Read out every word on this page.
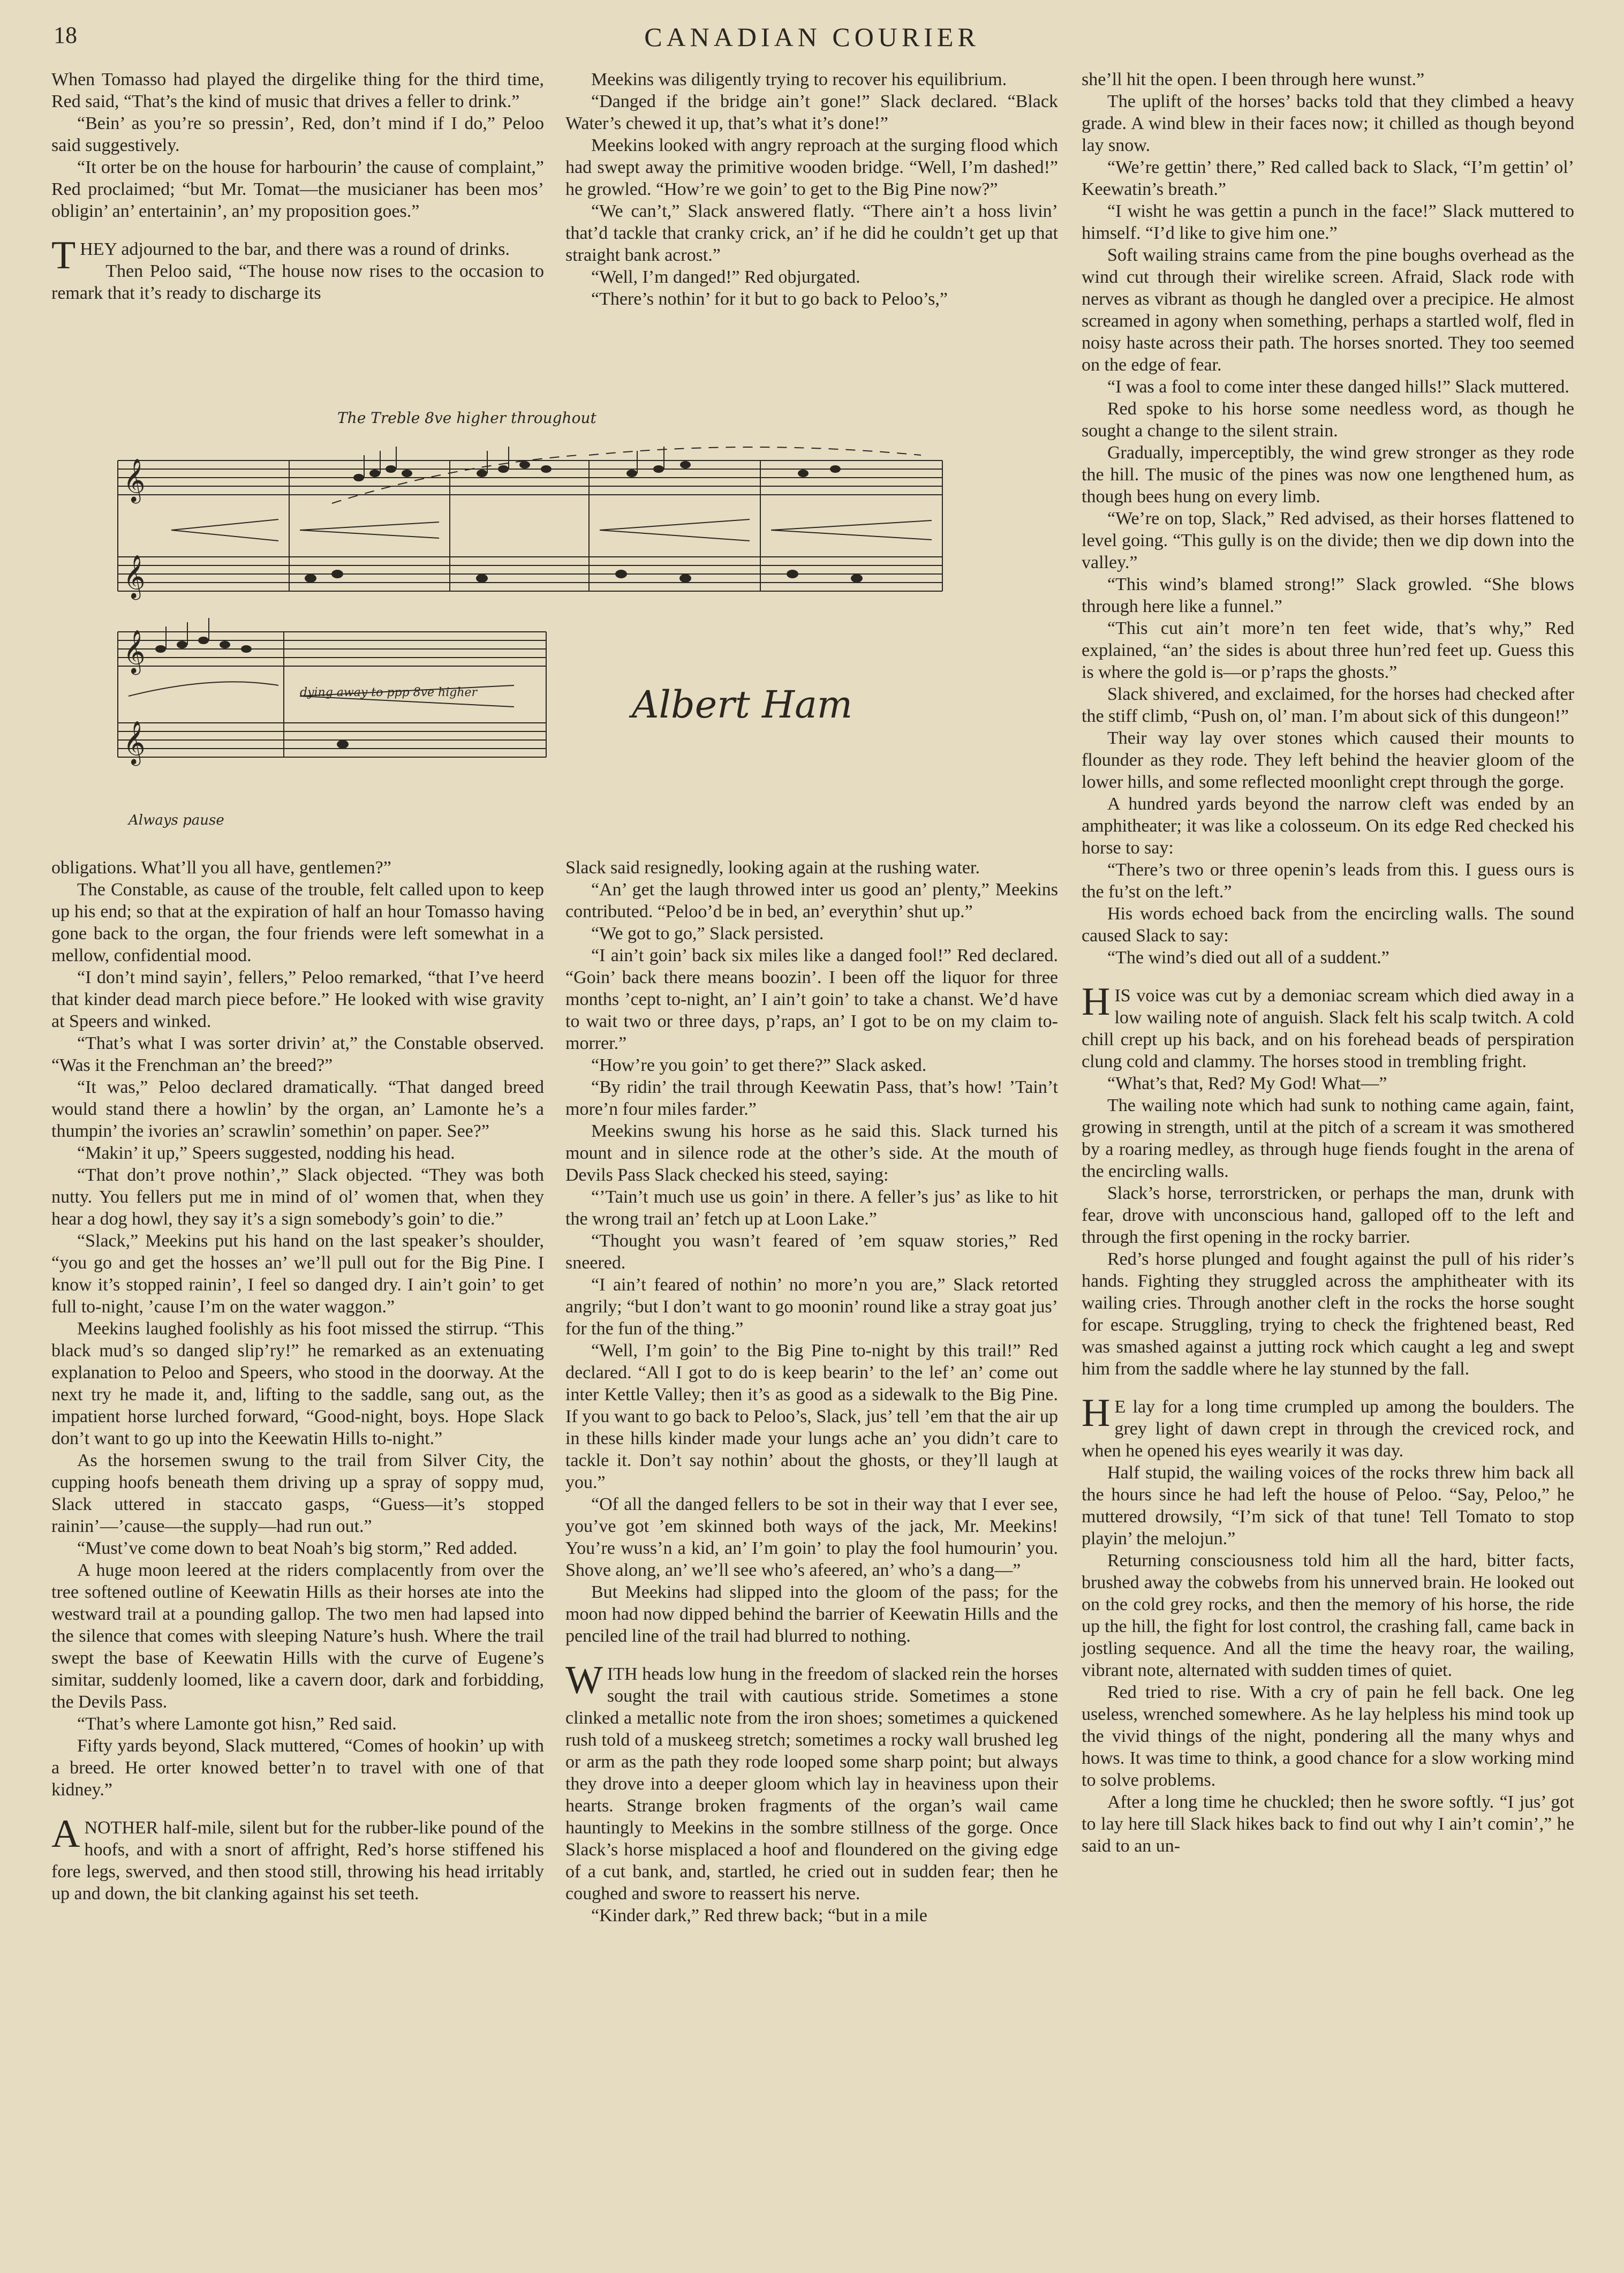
18	CANADIAN COURIER

When Tomasso had played the dirgelike thing for the third time, Red said, “That’s the kind of music that drives a feller to drink.”

“Bein’ as you’re so pressin’, Red, don’t mind if I do,” Peloo said suggestively.

“It orter be on the house for harbourin’ the cause of complaint,” Red proclaimed; “but Mr. Tomat—the musicianer has been mos’ obligin’ an’ entertainin’, an’ my proposition goes.”

THEY adjourned to the bar, and there was a round of drinks.

Then Peloo said, “The house now rises to the occasion to remark that it’s ready to discharge its

Meekins was diligently trying to recover his equilibrium.

“Danged if the bridge ain’t gone!” Slack declared. “Black Water’s chewed it up, that’s what it’s done!”

Meekins looked with angry reproach at the surging flood which had swept away the primitive wooden bridge. “Well, I’m dashed!” he growled. “How’re we goin’ to get to the Big Pine now?”

“We can’t,” Slack answered flatly. “There ain’t a hoss livin’ that’d tackle that cranky crick, an’ if he did he couldn’t get up that straight bank acrost.”

“Well, I’m danged!” Red objurgated.

“There’s nothin’ for it but to go back to Peloo’s,”

𝄞
𝄞
𝄞
𝄞
The Treble 8ve higher throughout
dying away to ppp 8ve higher
Always pause
Albert Ham

obligations. What’ll you all have, gentlemen?”

The Constable, as cause of the trouble, felt called upon to keep up his end; so that at the expiration of half an hour Tomasso having gone back to the organ, the four friends were left somewhat in a mellow, confidential mood.

“I don’t mind sayin’, fellers,” Peloo remarked, “that I’ve heerd that kinder dead march piece before.” He looked with wise gravity at Speers and winked.

“That’s what I was sorter drivin’ at,” the Constable observed. “Was it the Frenchman an’ the breed?”

“It was,” Peloo declared dramatically. “That danged breed would stand there a howlin’ by the organ, an’ Lamonte he’s a thumpin’ the ivories an’ scrawlin’ somethin’ on paper. See?”

“Makin’ it up,” Speers suggested, nodding his head.

“That don’t prove nothin’,” Slack objected. “They was both nutty. You fellers put me in mind of ol’ women that, when they hear a dog howl, they say it’s a sign somebody’s goin’ to die.”

“Slack,” Meekins put his hand on the last speaker’s shoulder, “you go and get the hosses an’ we’ll pull out for the Big Pine. I know it’s stopped rainin’, I feel so danged dry. I ain’t goin’ to get full to-night, ’cause I’m on the water waggon.”

Meekins laughed foolishly as his foot missed the stirrup. “This black mud’s so danged slip’ry!” he remarked as an extenuating explanation to Peloo and Speers, who stood in the doorway. At the next try he made it, and, lifting to the saddle, sang out, as the impatient horse lurched forward, “Good-night, boys. Hope Slack don’t want to go up into the Keewatin Hills to-night.”

As the horsemen swung to the trail from Silver City, the cupping hoofs beneath them driving up a spray of soppy mud, Slack uttered in staccato gasps, “Guess—it’s stopped rainin’—’cause—the supply—had run out.”

“Must’ve come down to beat Noah’s big storm,” Red added.

A huge moon leered at the riders complacently from over the tree softened outline of Keewatin Hills as their horses ate into the westward trail at a pounding gallop. The two men had lapsed into the silence that comes with sleeping Nature’s hush. Where the trail swept the base of Keewatin Hills with the curve of Eugene’s simitar, suddenly loomed, like a cavern door, dark and forbidding, the Devils Pass.

“That’s where Lamonte got hisn,” Red said.

Fifty yards beyond, Slack muttered, “Comes of hookin’ up with a breed. He orter knowed better’n to travel with one of that kidney.”

ANOTHER half-mile, silent but for the rubber-like pound of the hoofs, and with a snort of affright, Red’s horse stiffened his fore legs, swerved, and then stood still, throwing his head irritably up and down, the bit clanking against his set teeth.

Slack said resignedly, looking again at the rushing water.

“An’ get the laugh throwed inter us good an’ plenty,” Meekins contributed. “Peloo’d be in bed, an’ everythin’ shut up.”

“We got to go,” Slack persisted.

“I ain’t goin’ back six miles like a danged fool!” Red declared. “Goin’ back there means boozin’. I been off the liquor for three months ’cept to-night, an’ I ain’t goin’ to take a chanst. We’d have to wait two or three days, p’raps, an’ I got to be on my claim to-morrer.”

“How’re you goin’ to get there?” Slack asked.

“By ridin’ the trail through Keewatin Pass, that’s how! ’Tain’t more’n four miles farder.”

Meekins swung his horse as he said this. Slack turned his mount and in silence rode at the other’s side. At the mouth of Devils Pass Slack checked his steed, saying:

“’Tain’t much use us goin’ in there. A feller’s jus’ as like to hit the wrong trail an’ fetch up at Loon Lake.”

“Thought you wasn’t feared of ’em squaw stories,” Red sneered.

“I ain’t feared of nothin’ no more’n you are,” Slack retorted angrily; “but I don’t want to go moonin’ round like a stray goat jus’ for the fun of the thing.”

“Well, I’m goin’ to the Big Pine to-night by this trail!” Red declared. “All I got to do is keep bearin’ to the lef’ an’ come out inter Kettle Valley; then it’s as good as a sidewalk to the Big Pine. If you want to go back to Peloo’s, Slack, jus’ tell ’em that the air up in these hills kinder made your lungs ache an’ you didn’t care to tackle it. Don’t say nothin’ about the ghosts, or they’ll laugh at you.”

“Of all the danged fellers to be sot in their way that I ever see, you’ve got ’em skinned both ways of the jack, Mr. Meekins! You’re wuss’n a kid, an’ I’m goin’ to play the fool humourin’ you. Shove along, an’ we’ll see who’s afeered, an’ who’s a dang—”

But Meekins had slipped into the gloom of the pass; for the moon had now dipped behind the barrier of Keewatin Hills and the penciled line of the trail had blurred to nothing.

WITH heads low hung in the freedom of slacked rein the horses sought the trail with cautious stride. Sometimes a stone clinked a metallic note from the iron shoes; sometimes a quickened rush told of a muskeeg stretch; sometimes a rocky wall brushed leg or arm as the path they rode looped some sharp point; but always they drove into a deeper gloom which lay in heaviness upon their hearts. Strange broken fragments of the organ’s wail came hauntingly to Meekins in the sombre stillness of the gorge. Once Slack’s horse misplaced a hoof and floundered on the giving edge of a cut bank, and, startled, he cried out in sudden fear; then he coughed and swore to reassert his nerve.

“Kinder dark,” Red threw back; “but in a mile

she’ll hit the open. I been through here wunst.”

The uplift of the horses’ backs told that they climbed a heavy grade. A wind blew in their faces now; it chilled as though beyond lay snow.

“We’re gettin’ there,” Red called back to Slack, “I’m gettin’ ol’ Keewatin’s breath.”

“I wisht he was gettin a punch in the face!” Slack muttered to himself. “I’d like to give him one.”

Soft wailing strains came from the pine boughs overhead as the wind cut through their wirelike screen. Afraid, Slack rode with nerves as vibrant as though he dangled over a precipice. He almost screamed in agony when something, perhaps a startled wolf, fled in noisy haste across their path. The horses snorted. They too seemed on the edge of fear.

“I was a fool to come inter these danged hills!” Slack muttered.

Red spoke to his horse some needless word, as though he sought a change to the silent strain.

Gradually, imperceptibly, the wind grew stronger as they rode the hill. The music of the pines was now one lengthened hum, as though bees hung on every limb.

“We’re on top, Slack,” Red advised, as their horses flattened to level going. “This gully is on the divide; then we dip down into the valley.”

“This wind’s blamed strong!” Slack growled. “She blows through here like a funnel.”

“This cut ain’t more’n ten feet wide, that’s why,” Red explained, “an’ the sides is about three hun’red feet up. Guess this is where the gold is—or p’raps the ghosts.”

Slack shivered, and exclaimed, for the horses had checked after the stiff climb, “Push on, ol’ man. I’m about sick of this dungeon!”

Their way lay over stones which caused their mounts to flounder as they rode. They left behind the heavier gloom of the lower hills, and some reflected moonlight crept through the gorge.

A hundred yards beyond the narrow cleft was ended by an amphitheater; it was like a colosseum. On its edge Red checked his horse to say:

“There’s two or three openin’s leads from this. I guess ours is the fu’st on the left.”

His words echoed back from the encircling walls. The sound caused Slack to say:

“The wind’s died out all of a suddent.”

HIS voice was cut by a demoniac scream which died away in a low wailing note of anguish. Slack felt his scalp twitch. A cold chill crept up his back, and on his forehead beads of perspiration clung cold and clammy. The horses stood in trembling fright.

“What’s that, Red? My God! What—”

The wailing note which had sunk to nothing came again, faint, growing in strength, until at the pitch of a scream it was smothered by a roaring medley, as through huge fiends fought in the arena of the encircling walls.

Slack’s horse, terrorstricken, or perhaps the man, drunk with fear, drove with unconscious hand, galloped off to the left and through the first opening in the rocky barrier.

Red’s horse plunged and fought against the pull of his rider’s hands. Fighting they struggled across the amphitheater with its wailing cries. Through another cleft in the rocks the horse sought for escape. Struggling, trying to check the frightened beast, Red was smashed against a jutting rock which caught a leg and swept him from the saddle where he lay stunned by the fall.

HE lay for a long time crumpled up among the boulders. The grey light of dawn crept in through the creviced rock, and when he opened his eyes wearily it was day.

Half stupid, the wailing voices of the rocks threw him back all the hours since he had left the house of Peloo. “Say, Peloo,” he muttered drowsily, “I’m sick of that tune! Tell Tomato to stop playin’ the melojun.”

Returning consciousness told him all the hard, bitter facts, brushed away the cobwebs from his unnerved brain. He looked out on the cold grey rocks, and then the memory of his horse, the ride up the hill, the fight for lost control, the crashing fall, came back in jostling sequence. And all the time the heavy roar, the wailing, vibrant note, alternated with sudden times of quiet.

Red tried to rise. With a cry of pain he fell back. One leg useless, wrenched somewhere. As he lay helpless his mind took up the vivid things of the night, pondering all the many whys and hows. It was time to think, a good chance for a slow working mind to solve problems.

After a long time he chuckled; then he swore softly. “I jus’ got to lay here till Slack hikes back to find out why I ain’t comin’,” he said to an un-
